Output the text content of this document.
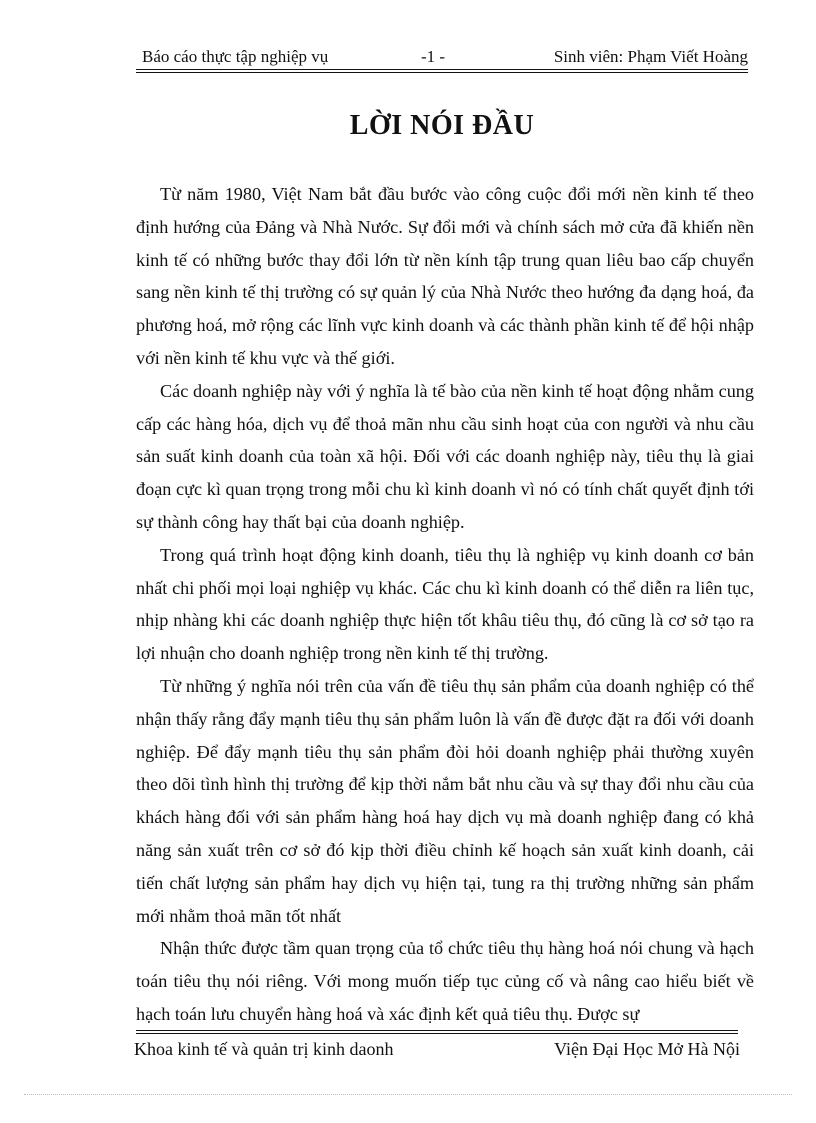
Báo cáo thực tập nghiệp vụ	-1 -	Sinh viên: Phạm Viết Hoàng
LỜI NÓI ĐẦU

Từ năm 1980, Việt Nam bắt đầu bước vào công cuộc đổi mới nền kinh tế theo định hướng của Đảng và Nhà Nước. Sự đổi mới và chính sách mở cửa đã khiến nền kinh tế có những bước thay đổi lớn từ nền kính tập trung quan liêu bao cấp chuyển sang nền kinh tế thị trường có sự quản lý của Nhà Nước theo hướng đa dạng hoá, đa phương hoá, mở rộng các lĩnh vực kinh doanh và các thành phần kinh tế để hội nhập với nền kinh tế khu vực và thế giới.

Các doanh nghiệp này với ý nghĩa là tế bào của nền kinh tế hoạt động nhằm cung cấp các hàng hóa, dịch vụ để thoả mãn nhu cầu sinh hoạt của con người và nhu cầu sản suất kinh doanh của toàn xã hội. Đối với các doanh nghiệp này, tiêu thụ là giai đoạn cực kì quan trọng trong mỗi chu kì kinh doanh vì nó có tính chất quyết định tới sự thành công hay thất bại của doanh nghiệp.

Trong quá trình hoạt động kinh doanh, tiêu thụ là nghiệp vụ kinh doanh cơ bản nhất chi phối mọi loại nghiệp vụ khác. Các chu kì kinh doanh có thể diễn ra liên tục, nhịp nhàng khi các doanh nghiệp thực hiện tốt khâu tiêu thụ, đó cũng là cơ sở tạo ra lợi nhuận cho doanh nghiệp trong nền kinh tế thị trường.

Từ những ý nghĩa nói trên của vấn đề tiêu thụ sản phẩm của doanh nghiệp có thể nhận thấy rằng đẩy mạnh tiêu thụ sản phẩm luôn là vấn đề được đặt ra đối với doanh nghiệp. Để đẩy mạnh tiêu thụ sản phẩm đòi hỏi doanh nghiệp phải thường xuyên theo dõi tình hình thị trường để kịp thời nắm bắt nhu cầu và sự thay đổi nhu cầu của khách hàng đối với sản phẩm hàng hoá hay dịch vụ mà doanh nghiệp đang có khả năng sản xuất trên cơ sở đó kịp thời điều chỉnh kế hoạch sản xuất kinh doanh, cải tiến chất lượng sản phẩm hay dịch vụ hiện tại, tung ra thị trường những sản phẩm mới nhằm thoả mãn tốt nhất

Nhận thức được tầm quan trọng của tổ chức tiêu thụ hàng hoá nói chung và hạch toán tiêu thụ nói riêng. Với mong muốn tiếp tục củng cố và nâng cao hiểu biết về hạch toán lưu chuyển hàng hoá và xác định kết quả tiêu thụ. Được sự

Khoa kinh tế và quản trị kinh daonh	Viện Đại Học Mở Hà Nội
